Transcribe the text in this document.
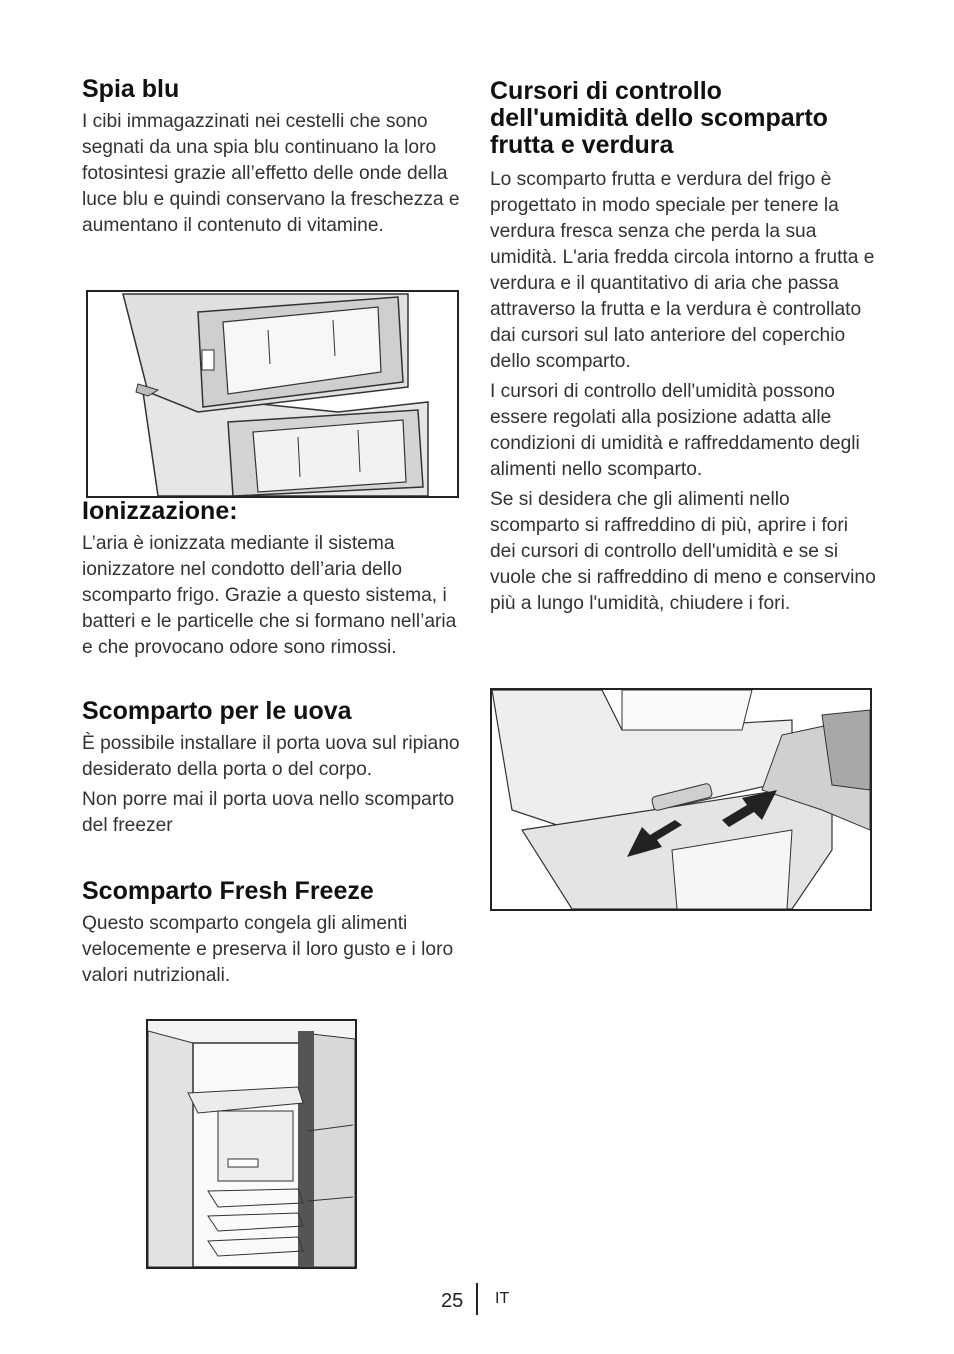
Spia blu

I cibi immagazzinati nei cestelli che sono segnati da una spia blu continuano la loro fotosintesi grazie all’effetto delle onde della luce blu e quindi conservano la freschezza e aumentano il contenuto di vitamine.

Ionizzazione:

L’aria è ionizzata mediante il sistema ionizzatore nel condotto dell’aria dello scomparto frigo. Grazie a questo sistema, i batteri e le particelle che si formano nell’aria e che provocano odore sono rimossi.

Scomparto per le uova

È possibile installare il porta uova sul ripiano desiderato della porta o del corpo.

Non porre mai il porta uova nello scomparto del freezer

Scomparto Fresh Freeze

Questo scomparto congela gli alimenti velocemente e preserva il loro gusto e i loro valori nutrizionali.

Cursori di controllo
dell'umidità dello scomparto
frutta e verdura

Lo scomparto frutta e verdura del frigo è progettato in modo speciale per tenere la verdura fresca senza che perda la sua umidità. L'aria fredda circola intorno a frutta e verdura e il quantitativo di aria che passa attraverso la frutta e la verdura è controllato dai cursori sul lato anteriore del coperchio dello scomparto.

I cursori di controllo dell'umidità possono essere regolati alla posizione adatta alle condizioni di umidità e raffreddamento degli alimenti nello scomparto.

Se si desidera che gli alimenti nello scomparto si raffreddino di più, aprire i fori dei cursori di controllo dell'umidità e se si vuole che si raffreddino di meno e conservino più a lungo l'umidità, chiudere i fori.

25 IT
